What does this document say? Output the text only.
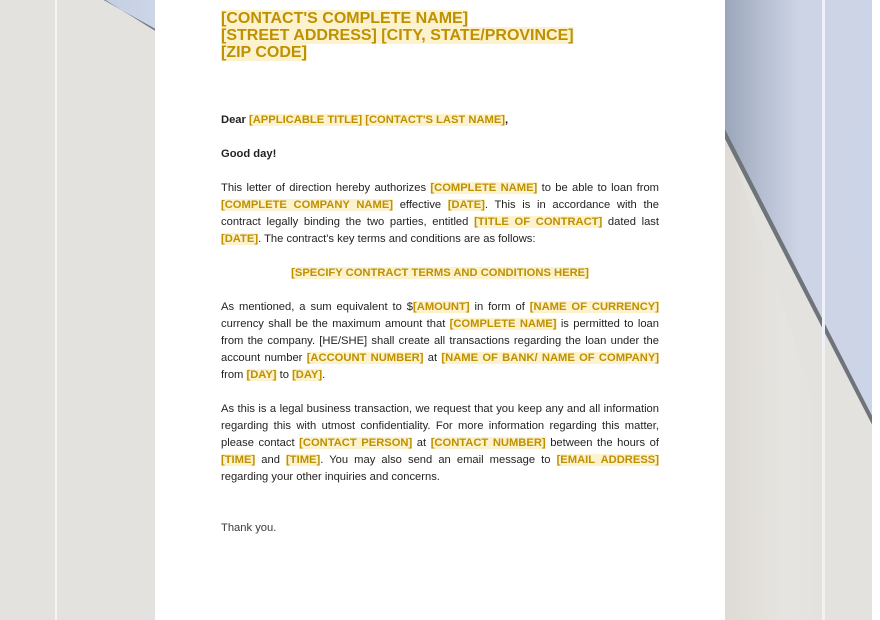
[CONTACT'S COMPLETE NAME]

[STREET ADDRESS] [CITY, STATE/PROVINCE]

[ZIP CODE]

Dear [APPLICABLE TITLE] [CONTACT'S LAST NAME],

Good day!

This letter of direction hereby authorizes [COMPLETE NAME] to be able to loan from [COMPLETE COMPANY NAME] effective [DATE]. This is in accordance with the contract legally binding the two parties, entitled [TITLE OF CONTRACT] dated last [DATE]. The contract's key terms and conditions are as follows:

[SPECIFY CONTRACT TERMS AND CONDITIONS HERE]

As mentioned, a sum equivalent to $[AMOUNT] in form of [NAME OF CURRENCY] currency shall be the maximum amount that [COMPLETE NAME] is permitted to loan from the company. [HE/SHE] shall create all transactions regarding the loan under the account number [ACCOUNT NUMBER] at [NAME OF BANK/ NAME OF COMPANY] from [DAY] to [DAY].

As this is a legal business transaction, we request that you keep any and all information regarding this with utmost confidentiality. For more information regarding this matter, please contact [CONTACT PERSON] at [CONTACT NUMBER] between the hours of [TIME] and [TIME]. You may also send an email message to [EMAIL ADDRESS] regarding your other inquiries and concerns.

Thank you.
